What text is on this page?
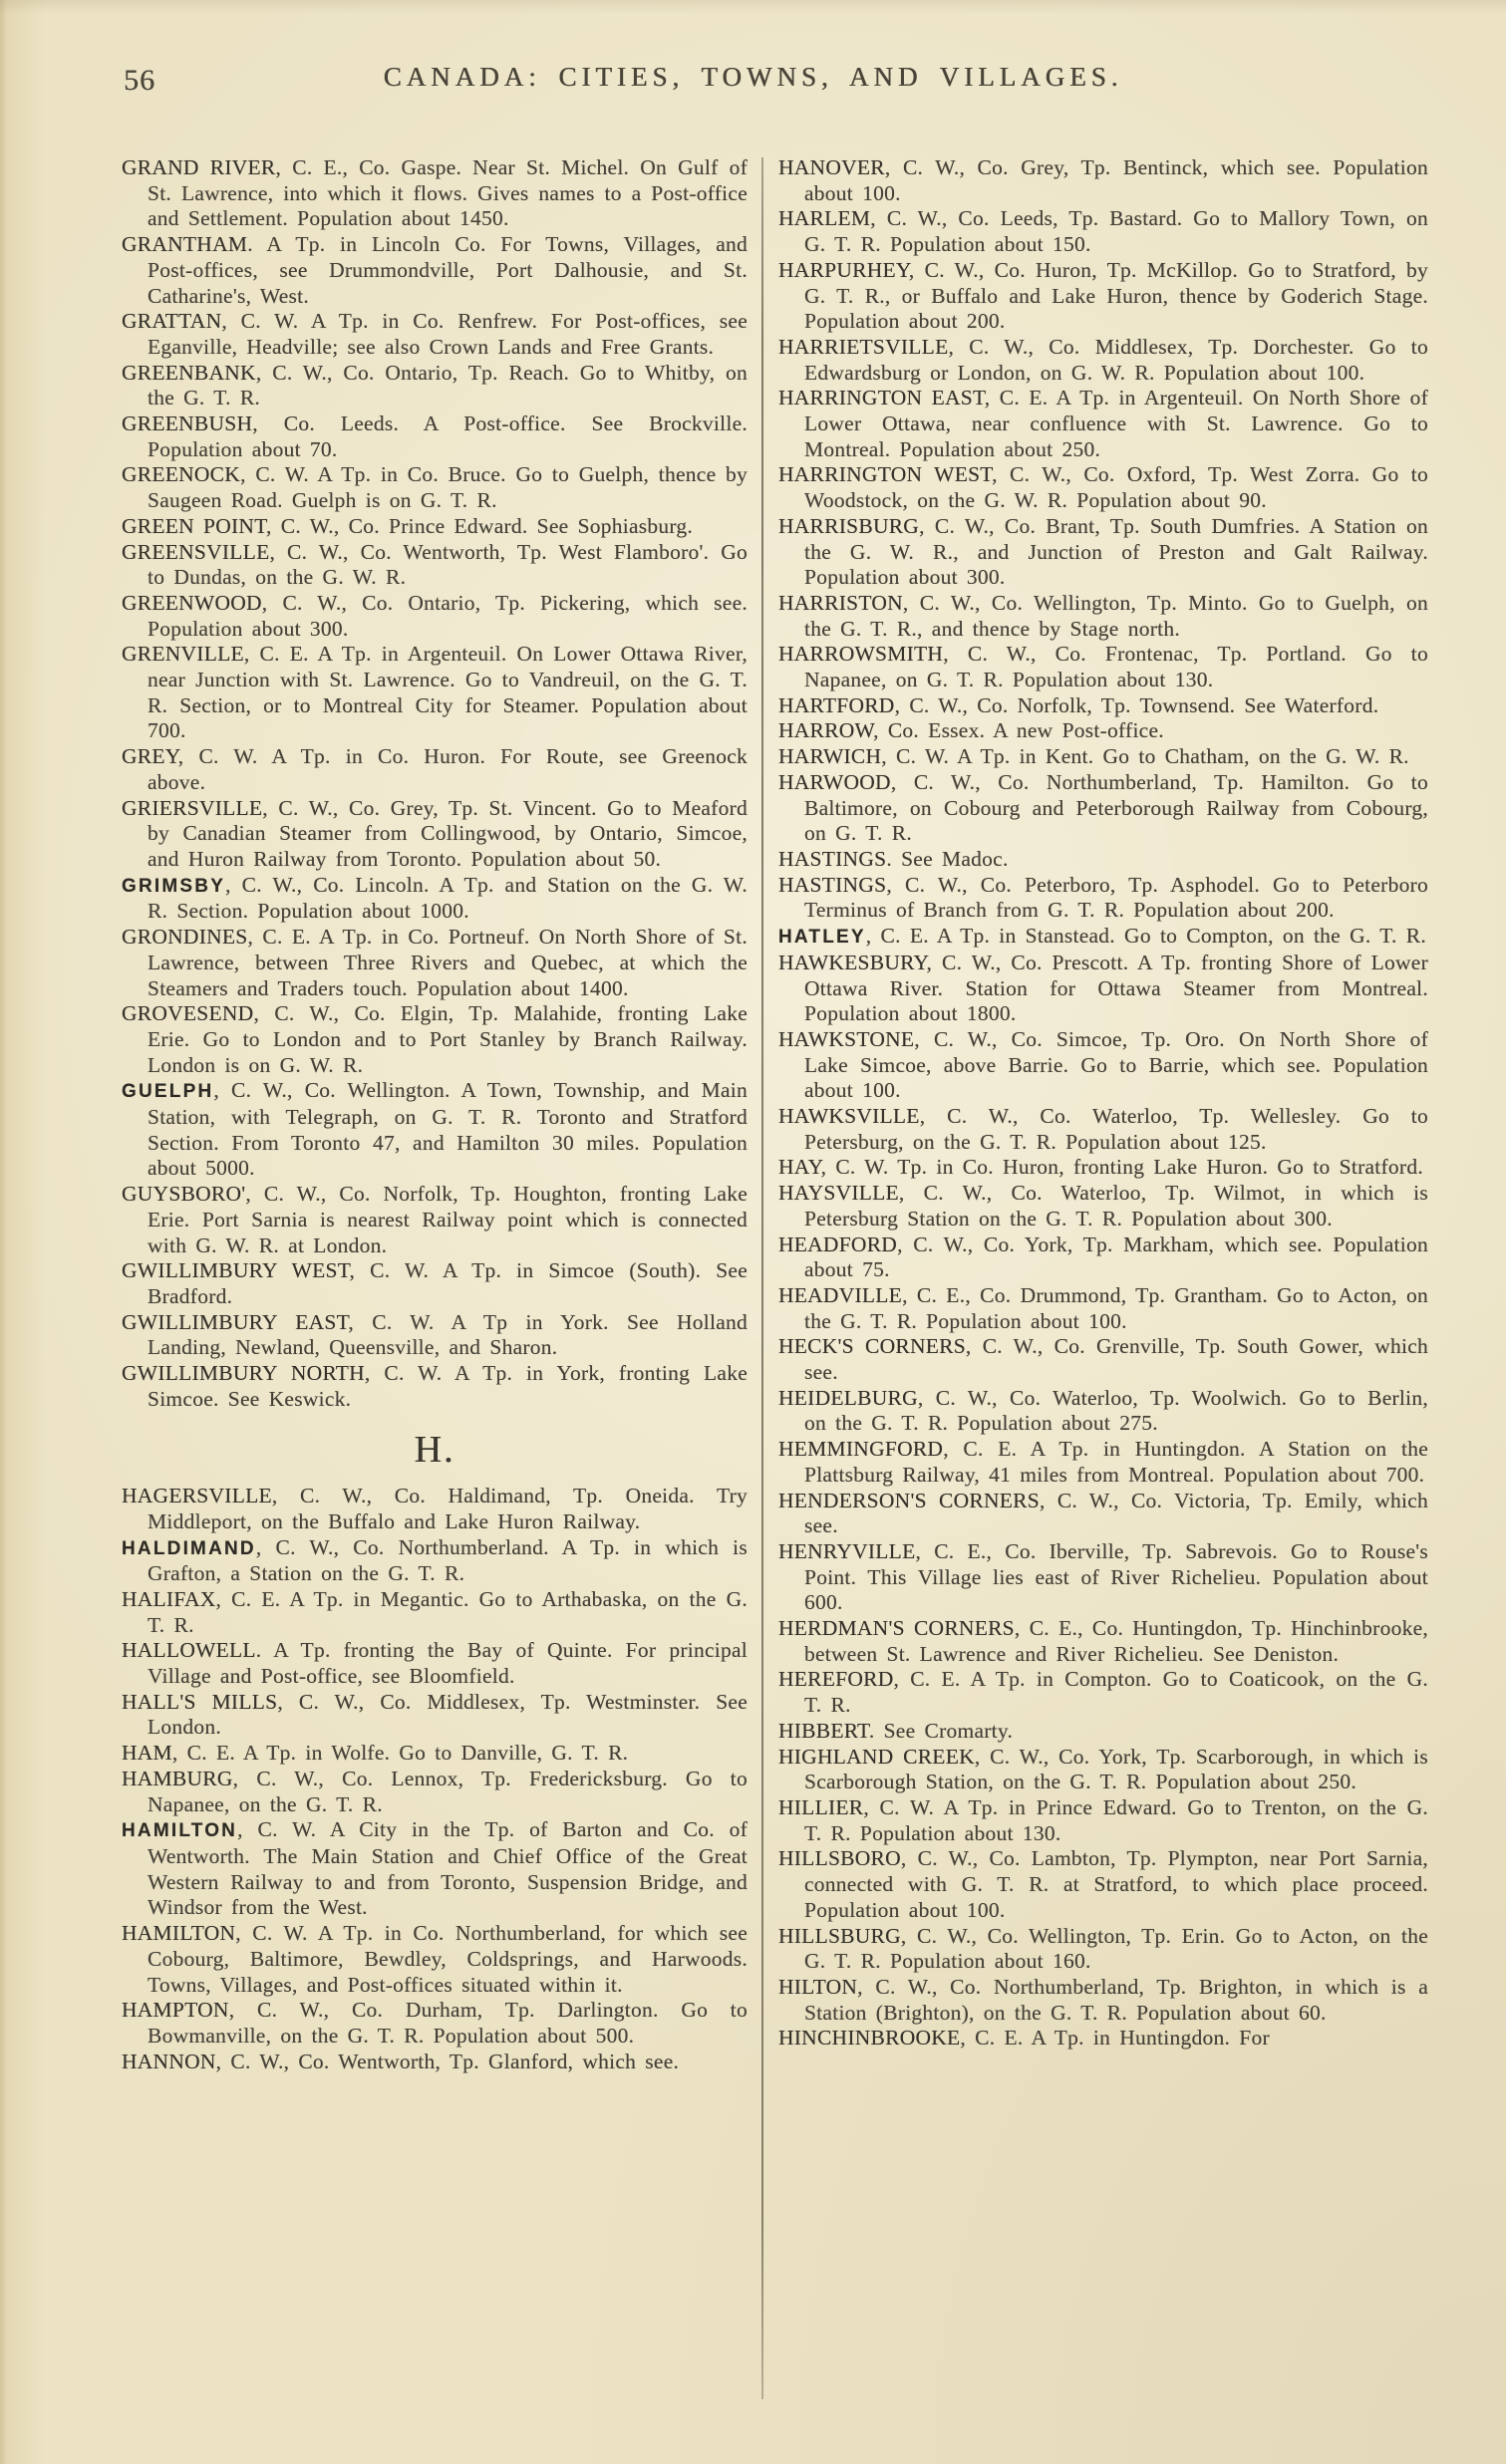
56	CANADA: CITIES, TOWNS, AND VILLAGES.

GRAND RIVER, C. E., Co. Gaspe. Near St. Michel. On Gulf of St. Lawrence, into which it flows. Gives names to a Post-office and Settlement. Population about 1450.

GRANTHAM. A Tp. in Lincoln Co. For Towns, Villages, and Post-offices, see Drummondville, Port Dalhousie, and St. Catharine's, West.

GRATTAN, C. W. A Tp. in Co. Renfrew. For Post-offices, see Eganville, Headville; see also Crown Lands and Free Grants.

GREENBANK, C. W., Co. Ontario, Tp. Reach. Go to Whitby, on the G. T. R.

GREENBUSH, Co. Leeds. A Post-office. See Brockville. Population about 70.

GREENOCK, C. W. A Tp. in Co. Bruce. Go to Guelph, thence by Saugeen Road. Guelph is on G. T. R.

GREEN POINT, C. W., Co. Prince Edward. See Sophiasburg.

GREENSVILLE, C. W., Co. Wentworth, Tp. West Flamboro'. Go to Dundas, on the G. W. R.

GREENWOOD, C. W., Co. Ontario, Tp. Pickering, which see. Population about 300.

GRENVILLE, C. E. A Tp. in Argenteuil. On Lower Ottawa River, near Junction with St. Lawrence. Go to Vandreuil, on the G. T. R. Section, or to Montreal City for Steamer. Population about 700.

GREY, C. W. A Tp. in Co. Huron. For Route, see Greenock above.

GRIERSVILLE, C. W., Co. Grey, Tp. St. Vincent. Go to Meaford by Canadian Steamer from Collingwood, by Ontario, Simcoe, and Huron Railway from Toronto. Population about 50.

GRIMSBY, C. W., Co. Lincoln. A Tp. and Station on the G. W. R. Section. Population about 1000.

GRONDINES, C. E. A Tp. in Co. Portneuf. On North Shore of St. Lawrence, between Three Rivers and Quebec, at which the Steamers and Traders touch. Population about 1400.

GROVESEND, C. W., Co. Elgin, Tp. Malahide, fronting Lake Erie. Go to London and to Port Stanley by Branch Railway. London is on G. W. R.

GUELPH, C. W., Co. Wellington. A Town, Township, and Main Station, with Telegraph, on G. T. R. Toronto and Stratford Section. From Toronto 47, and Hamilton 30 miles. Population about 5000.

GUYSBORO', C. W., Co. Norfolk, Tp. Houghton, fronting Lake Erie. Port Sarnia is nearest Railway point which is connected with G. W. R. at London.

GWILLIMBURY WEST, C. W. A Tp. in Simcoe (South). See Bradford.

GWILLIMBURY EAST, C. W. A Tp in York. See Holland Landing, Newland, Queensville, and Sharon.

GWILLIMBURY NORTH, C. W. A Tp. in York, fronting Lake Simcoe. See Keswick.

H.

HAGERSVILLE, C. W., Co. Haldimand, Tp. Oneida. Try Middleport, on the Buffalo and Lake Huron Railway.

HALDIMAND, C. W., Co. Northumberland. A Tp. in which is Grafton, a Station on the G. T. R.

HALIFAX, C. E. A Tp. in Megantic. Go to Arthabaska, on the G. T. R.

HALLOWELL. A Tp. fronting the Bay of Quinte. For principal Village and Post-office, see Bloomfield.

HALL'S MILLS, C. W., Co. Middlesex, Tp. Westminster. See London.

HAM, C. E. A Tp. in Wolfe. Go to Danville, G. T. R.

HAMBURG, C. W., Co. Lennox, Tp. Fredericksburg. Go to Napanee, on the G. T. R.

HAMILTON, C. W. A City in the Tp. of Barton and Co. of Wentworth. The Main Station and Chief Office of the Great Western Railway to and from Toronto, Suspension Bridge, and Windsor from the West.

HAMILTON, C. W. A Tp. in Co. Northumberland, for which see Cobourg, Baltimore, Bewdley, Coldsprings, and Harwoods. Towns, Villages, and Post-offices situated within it.

HAMPTON, C. W., Co. Durham, Tp. Darlington. Go to Bowmanville, on the G. T. R. Population about 500.

HANNON, C. W., Co. Wentworth, Tp. Glanford, which see.

HANOVER, C. W., Co. Grey, Tp. Bentinck, which see. Population about 100.

HARLEM, C. W., Co. Leeds, Tp. Bastard. Go to Mallory Town, on G. T. R. Population about 150.

HARPURHEY, C. W., Co. Huron, Tp. McKillop. Go to Stratford, by G. T. R., or Buffalo and Lake Huron, thence by Goderich Stage. Population about 200.

HARRIETSVILLE, C. W., Co. Middlesex, Tp. Dorchester. Go to Edwardsburg or London, on G. W. R. Population about 100.

HARRINGTON EAST, C. E. A Tp. in Argenteuil. On North Shore of Lower Ottawa, near confluence with St. Lawrence. Go to Montreal. Population about 250.

HARRINGTON WEST, C. W., Co. Oxford, Tp. West Zorra. Go to Woodstock, on the G. W. R. Population about 90.

HARRISBURG, C. W., Co. Brant, Tp. South Dumfries. A Station on the G. W. R., and Junction of Preston and Galt Railway. Population about 300.

HARRISTON, C. W., Co. Wellington, Tp. Minto. Go to Guelph, on the G. T. R., and thence by Stage north.

HARROWSMITH, C. W., Co. Frontenac, Tp. Portland. Go to Napanee, on G. T. R. Population about 130.

HARTFORD, C. W., Co. Norfolk, Tp. Townsend. See Waterford.

HARROW, Co. Essex. A new Post-office.

HARWICH, C. W. A Tp. in Kent. Go to Chatham, on the G. W. R.

HARWOOD, C. W., Co. Northumberland, Tp. Hamilton. Go to Baltimore, on Cobourg and Peterborough Railway from Cobourg, on G. T. R.

HASTINGS. See Madoc.

HASTINGS, C. W., Co. Peterboro, Tp. Asphodel. Go to Peterboro Terminus of Branch from G. T. R. Population about 200.

HATLEY, C. E. A Tp. in Stanstead. Go to Compton, on the G. T. R.

HAWKESBURY, C. W., Co. Prescott. A Tp. fronting Shore of Lower Ottawa River. Station for Ottawa Steamer from Montreal. Population about 1800.

HAWKSTONE, C. W., Co. Simcoe, Tp. Oro. On North Shore of Lake Simcoe, above Barrie. Go to Barrie, which see. Population about 100.

HAWKSVILLE, C. W., Co. Waterloo, Tp. Wellesley. Go to Petersburg, on the G. T. R. Population about 125.

HAY, C. W. Tp. in Co. Huron, fronting Lake Huron. Go to Stratford.

HAYSVILLE, C. W., Co. Waterloo, Tp. Wilmot, in which is Petersburg Station on the G. T. R. Population about 300.

HEADFORD, C. W., Co. York, Tp. Markham, which see. Population about 75.

HEADVILLE, C. E., Co. Drummond, Tp. Grantham. Go to Acton, on the G. T. R. Population about 100.

HECK'S CORNERS, C. W., Co. Grenville, Tp. South Gower, which see.

HEIDELBURG, C. W., Co. Waterloo, Tp. Woolwich. Go to Berlin, on the G. T. R. Population about 275.

HEMMINGFORD, C. E. A Tp. in Huntingdon. A Station on the Plattsburg Railway, 41 miles from Montreal. Population about 700.

HENDERSON'S CORNERS, C. W., Co. Victoria, Tp. Emily, which see.

HENRYVILLE, C. E., Co. Iberville, Tp. Sabrevois. Go to Rouse's Point. This Village lies east of River Richelieu. Population about 600.

HERDMAN'S CORNERS, C. E., Co. Huntingdon, Tp. Hinchinbrooke, between St. Lawrence and River Richelieu. See Deniston.

HEREFORD, C. E. A Tp. in Compton. Go to Coaticook, on the G. T. R.

HIBBERT. See Cromarty.

HIGHLAND CREEK, C. W., Co. York, Tp. Scarborough, in which is Scarborough Station, on the G. T. R. Population about 250.

HILLIER, C. W. A Tp. in Prince Edward. Go to Trenton, on the G. T. R. Population about 130.

HILLSBORO, C. W., Co. Lambton, Tp. Plympton, near Port Sarnia, connected with G. T. R. at Stratford, to which place proceed. Population about 100.

HILLSBURG, C. W., Co. Wellington, Tp. Erin. Go to Acton, on the G. T. R. Population about 160.

HILTON, C. W., Co. Northumberland, Tp. Brighton, in which is a Station (Brighton), on the G. T. R. Population about 60.

HINCHINBROOKE, C. E. A Tp. in Huntingdon. For
